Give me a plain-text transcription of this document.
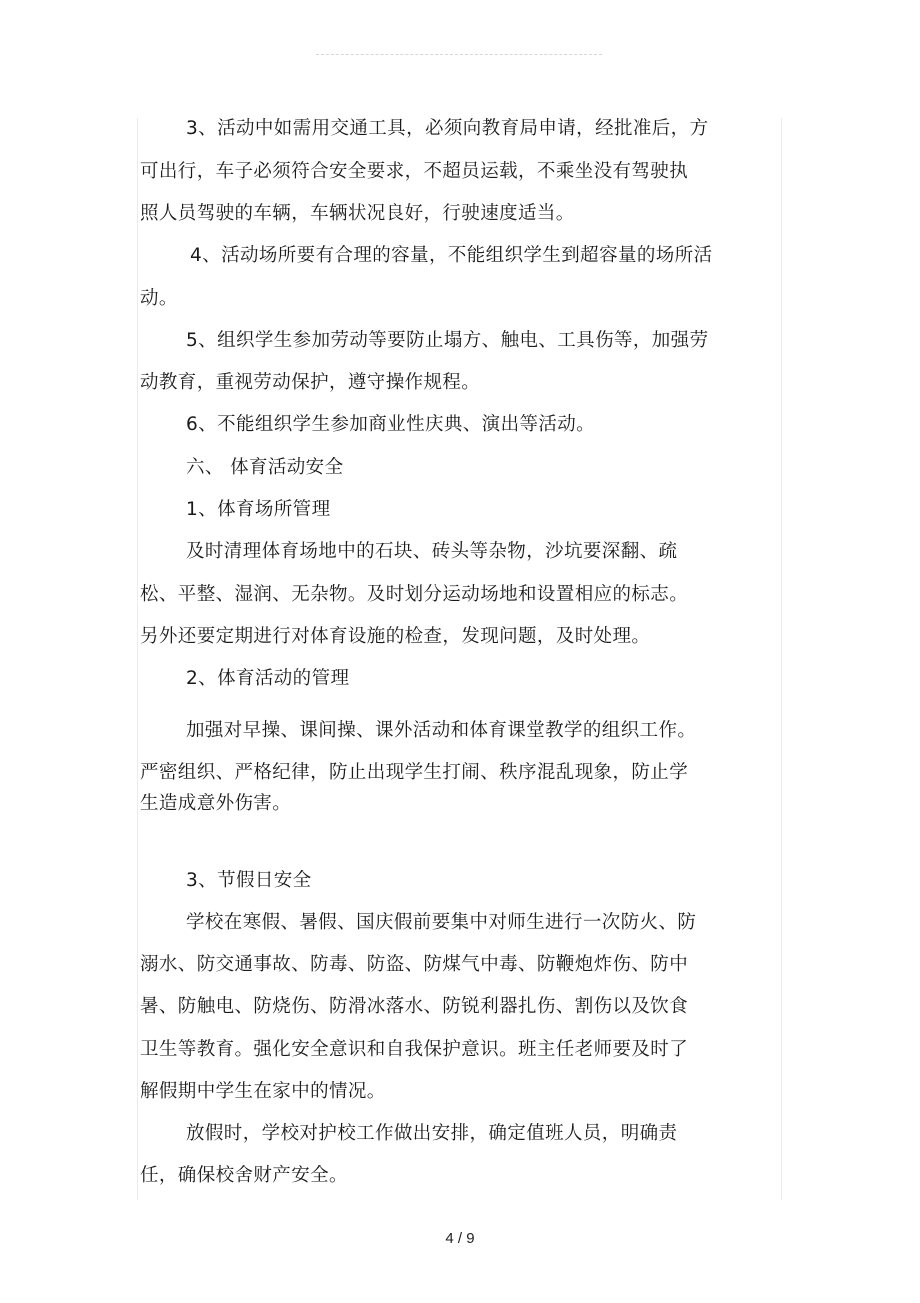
3、活动中如需用交通工具，必须向教育局申请，经批准后，方
可出行，车子必须符合安全要求，不超员运载，不乘坐没有驾驶执
照人员驾驶的车辆，车辆状况良好，行驶速度适当。
4、活动场所要有合理的容量，不能组织学生到超容量的场所活
动。
5、组织学生参加劳动等要防止塌方、触电、工具伤等，加强劳
动教育，重视劳动保护，遵守操作规程。
6、不能组织学生参加商业性庆典、演出等活动。
六、 体育活动安全
1、体育场所管理
及时清理体育场地中的石块、砖头等杂物，沙坑要深翻、疏
松、平整、湿润、无杂物。及时划分运动场地和设置相应的标志。
另外还要定期进行对体育设施的检查，发现问题，及时处理。
2、体育活动的管理
加强对早操、课间操、课外活动和体育课堂教学的组织工作。
严密组织、严格纪律，防止出现学生打闹、秩序混乱现象，防止学
生造成意外伤害。
3、节假日安全
学校在寒假、暑假、国庆假前要集中对师生进行一次防火、防
溺水、防交通事故、防毒、防盗、防煤气中毒、防鞭炮炸伤、防中
暑、防触电、防烧伤、防滑冰落水、防锐利器扎伤、割伤以及饮食
卫生等教育。强化安全意识和自我保护意识。班主任老师要及时了
解假期中学生在家中的情况。
放假时，学校对护校工作做出安排，确定值班人员，明确责
任，确保校舍财产安全。
4 / 9
